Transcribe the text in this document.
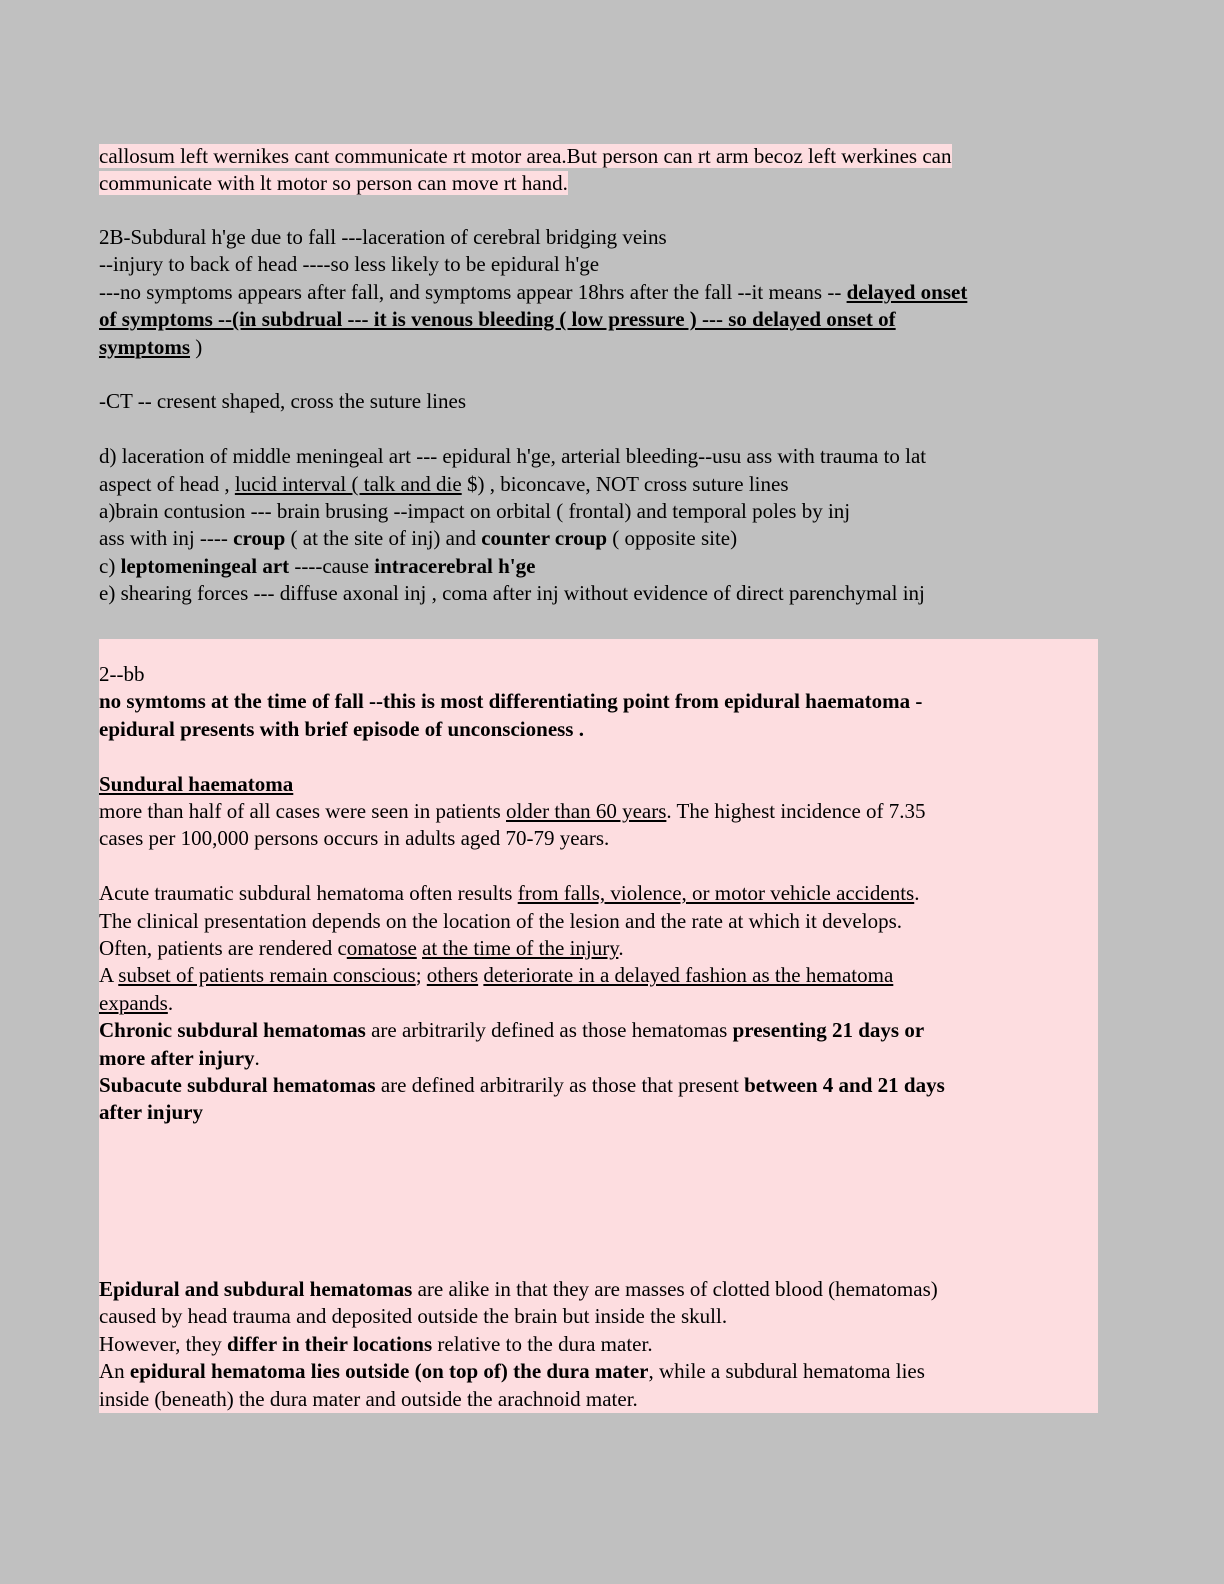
callosum left wernikes cant communicate rt motor area.But person can rt arm becoz left werkines can
communicate with lt motor so person can move rt hand.
2B-Subdural h'ge due to fall ---laceration of cerebral bridging veins
--injury to back of head ----so less likely to be epidural h'ge
---no symptoms appears after fall, and symptoms appear 18hrs after the fall --it means -- delayed onset
of symptoms --(in subdrual --- it is venous bleeding ( low pressure ) --- so delayed onset of
symptoms )
-CT -- cresent shaped, cross the suture lines
d) laceration of middle meningeal art --- epidural h'ge, arterial bleeding--usu ass with trauma to lat
aspect of head , lucid interval ( talk and die $) , biconcave, NOT cross suture lines
a)brain contusion --- brain brusing --impact on orbital ( frontal) and temporal poles by inj
ass with inj ---- croup ( at the site of inj) and counter croup ( opposite site)
c) leptomeningeal art ----cause intracerebral h'ge
e) shearing forces --- diffuse axonal inj , coma after inj without evidence of direct parenchymal inj
2--bb
no symtoms at the time of fall --this is most differentiating point from epidural haematoma -
epidural presents with brief episode of unconscioness .
Sundural haematoma
more than half of all cases were seen in patients older than 60 years. The highest incidence of 7.35
cases per 100,000 persons occurs in adults aged 70-79 years.
Acute traumatic subdural hematoma often results from falls, violence, or motor vehicle accidents.
The clinical presentation depends on the location of the lesion and the rate at which it develops.
Often, patients are rendered comatose at the time of the injury.
A subset of patients remain conscious; others deteriorate in a delayed fashion as the hematoma
expands.
Chronic subdural hematomas are arbitrarily defined as those hematomas presenting 21 days or
more after injury.
Subacute subdural hematomas are defined arbitrarily as those that present between 4 and 21 days
after injury
Epidural and subdural hematomas are alike in that they are masses of clotted blood (hematomas)
caused by head trauma and deposited outside the brain but inside the skull.
However, they differ in their locations relative to the dura mater.
An epidural hematoma lies outside (on top of) the dura mater, while a subdural hematoma lies
inside (beneath) the dura mater and outside the arachnoid mater.
